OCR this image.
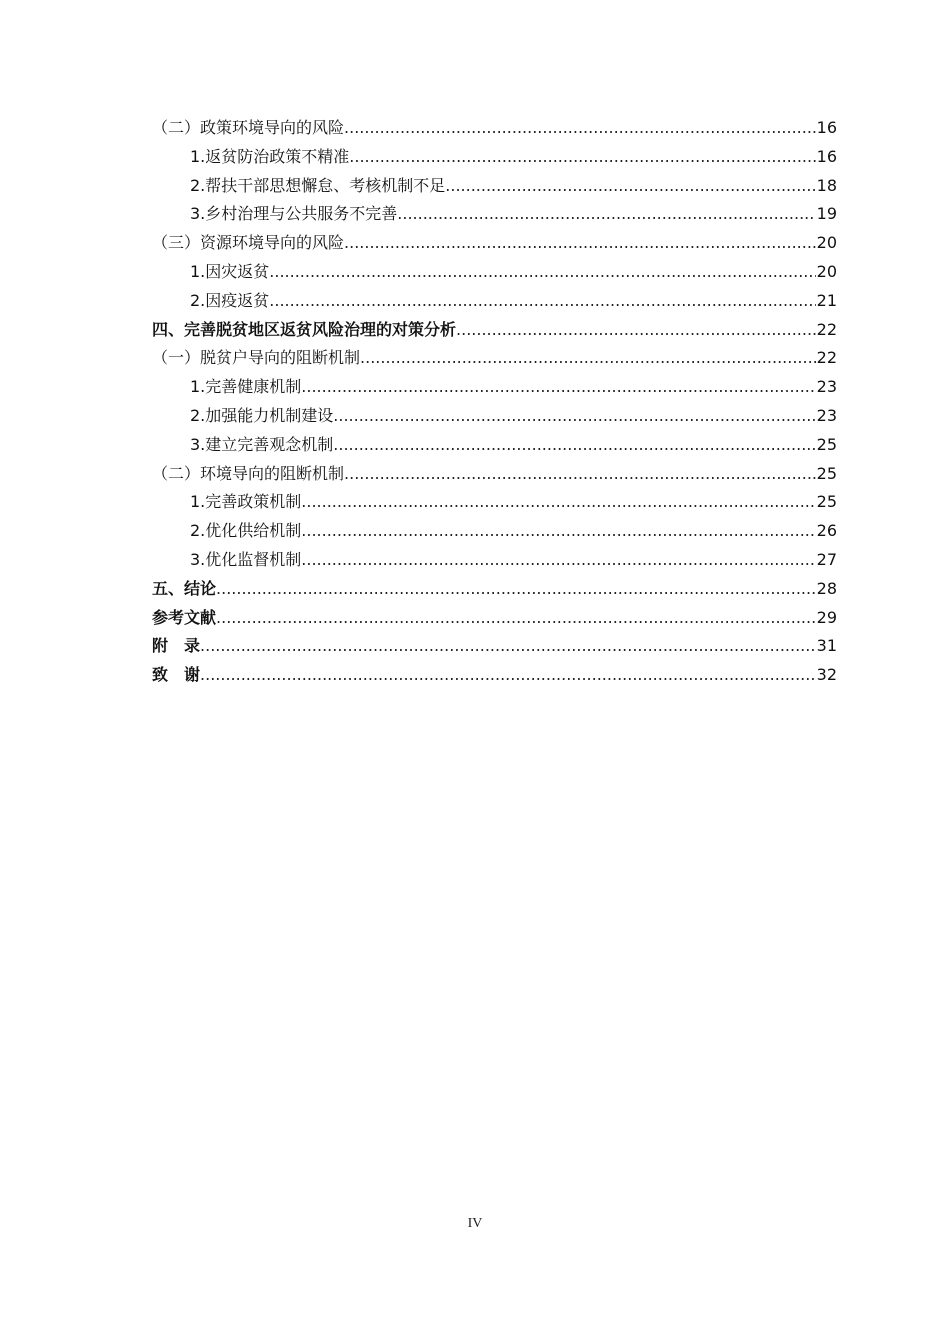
（二）政策环境导向的风险 .....	16
1.返贫防治政策不精准 .....	16
2.帮扶干部思想懈怠、考核机制不足 .....	18
3.乡村治理与公共服务不完善 .....	19
（三）资源环境导向的风险 .....	20
1.因灾返贫 .....	20
2.因疫返贫 .....	21
四、完善脱贫地区返贫风险治理的对策分析 .....	22
（一）脱贫户导向的阻断机制 .....	22
1.完善健康机制 .....	23
2.加强能力机制建设 .....	23
3.建立完善观念机制 .....	25
（二）环境导向的阻断机制 .....	25
1.完善政策机制 .....	25
2.优化供给机制 .....	26
3.优化监督机制 .....	27
五、结论 .....	28
参考文献 .....	29
附　录 .....	31
致　谢 .....	32
IV
